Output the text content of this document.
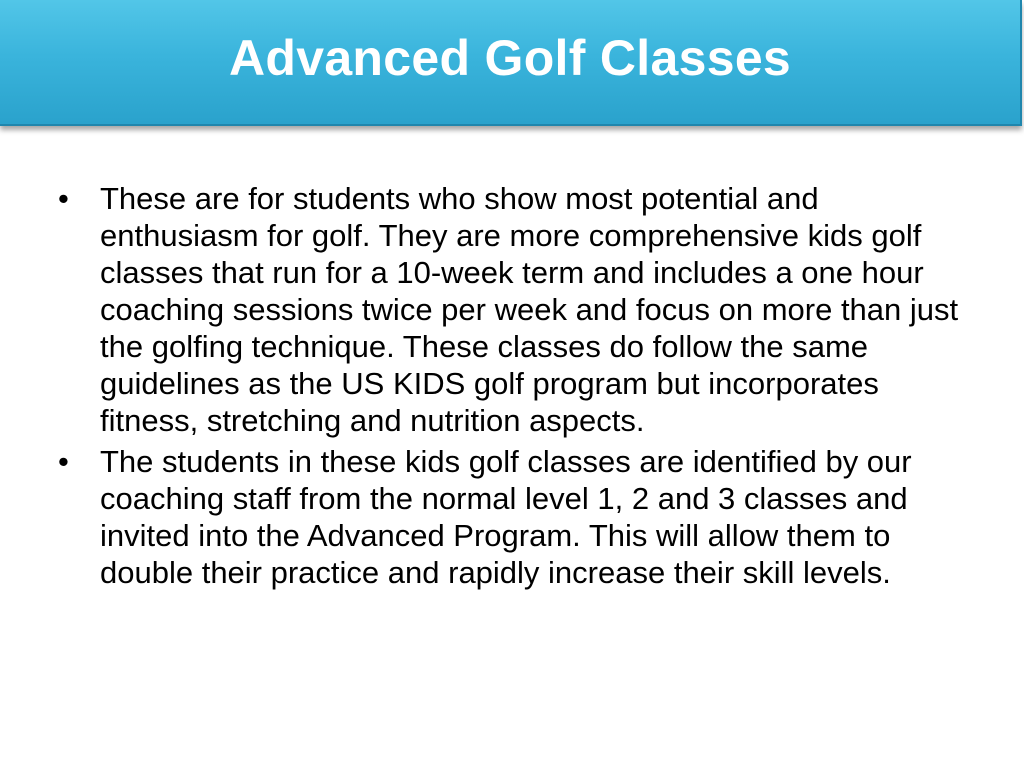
Advanced Golf Classes
• These are for students who show most potential and enthusiasm for golf. They are more comprehensive kids golf classes that run for a 10-week term and includes a one hour coaching sessions twice per week and focus on more than just the golfing technique. These classes do follow the same guidelines as the US KIDS golf program but incorporates fitness, stretching and nutrition aspects.
• The students in these kids golf classes are identified by our coaching staff from the normal level 1, 2 and 3 classes and invited into the Advanced Program. This will allow them to double their practice and rapidly increase their skill levels.
